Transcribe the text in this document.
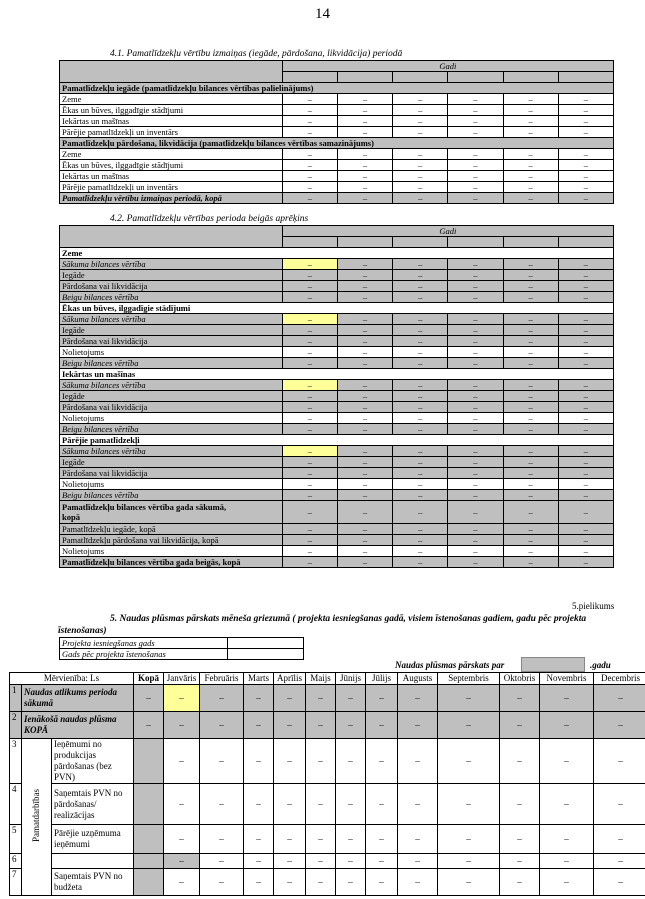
14
4.1. Pamatlīdzekļu vērtību izmaiņas (iegāde, pārdošana, likvidācija) periodā
	Gadi					

Pamatlīdzekļu iegāde (pamatlīdzekļu bilances vērtības palielinājums)						
Zeme	–	–	–	–	–	–
Ēkas un būves, ilggadīgie stādījumi	–	–	–	–	–	–
Iekārtas un mašīnas	–	–	–	–	–	–
Pārējie pamatlīdzekļi un inventārs	–	–	–	–	–	–
Pamatlīdzekļu pārdošana, likvidācija (pamatlīdzekļu bilances vērtības samazinājums)						
Zeme	–	–	–	–	–	–
Ēkas un būves, ilggadīgie stādījumi	–	–	–	–	–	–
Iekārtas un mašīnas	–	–	–	–	–	–
Pārējie pamatlīdzekļi un inventārs	–	–	–	–	–	–
Pamatlīdzekļu vērtību izmaiņas periodā, kopā	–	–	–	–	–	–
4.2. Pamatlīdzekļu vērtības perioda beigās aprēķins
	Gadi					

Zeme						
Sākuma bilances vērtība	–	–	–	–	–	–
Iegāde	–	–	–	–	–	–
Pārdošana vai likvidācija	–	–	–	–	–	–
Beigu bilances vērtība	–	–	–	–	–	–
Ēkas un būves, ilggadīgie stādījumi						
Sākuma bilances vērtība	–	–	–	–	–	–
Iegāde	–	–	–	–	–	–
Pārdošana vai likvidācija	–	–	–	–	–	–
Nolietojums	–	–	–	–	–	–
Beigu bilances vērtība	–	–	–	–	–	–
Iekārtas un mašīnas						
Sākuma bilances vērtība	–	–	–	–	–	–
Iegāde	–	–	–	–	–	–
Pārdošana vai likvidācija	–	–	–	–	–	–
Nolietojums	–	–	–	–	–	–
Beigu bilances vērtība	–	–	–	–	–	–
Pārējie pamatlīdzekļi						
Sākuma bilances vērtība	–	–	–	–	–	–
Iegāde	–	–	–	–	–	–
Pārdošana vai likvidācija	–	–	–	–	–	–
Nolietojums	–	–	–	–	–	–
Beigu bilances vērtība	–	–	–	–	–	–
Pamatlīdzekļu bilances vērtība gada sākumā,
kopā	–	–	–	–	–	–
Pamatlīdzekļu iegāde, kopā	–	–	–	–	–	–
Pamatlīdzekļu pārdošana vai likvidācija, kopā	–	–	–	–	–	–
Nolietojums	–	–	–	–	–	–
Pamatlīdzekļu bilances vērtība gada beigās, kopā	–	–	–	–	–	–
5.pielikums
5. Naudas plūsmas pārskats mēneša griezumā ( projekta iesniegšanas gadā, visiem īstenošanas gadiem, gadu pēc projekta
īstenošanas)
Projekta iesniegšanas gads	
Gads pēc projekta īstenošanas	
Naudas plūsmas pārskats par	.gadu
Mērvienība: Ls			Kopā	Janvāris	Februāris	Marts	Aprīlis	Maijs	Jūnijs	Jūlijs	Augusts	Septembris	Oktobris	Novembris	Decembris	
1	Naudas atlikums perioda sākumā		–	–	–	–	–	–	–	–	–	–	–	–	–	
2	Ienākošā naudas plūsma KOPĀ		–	–	–	–	–	–	–	–	–	–	–	–	–	
3	Pamatdarbības	Ieņēmumi no produkcijas pārdošanas (bez PVN)		–	–	–	–	–	–	–	–	–	–	–	–	
4		Saņemtais PVN no pārdošanas/ realizācijas		–	–	–	–	–	–	–	–	–	–	–	–	
5		Pārējie uzņēmuma ieņēmumi		–	–	–	–	–	–	–	–	–	–	–	–	
6				–	–	–	–	–	–	–	–	–	–	–	–	
7		Saņemtais PVN no budžeta		–	–	–	–	–	–	–	–	–	–	–	–	
